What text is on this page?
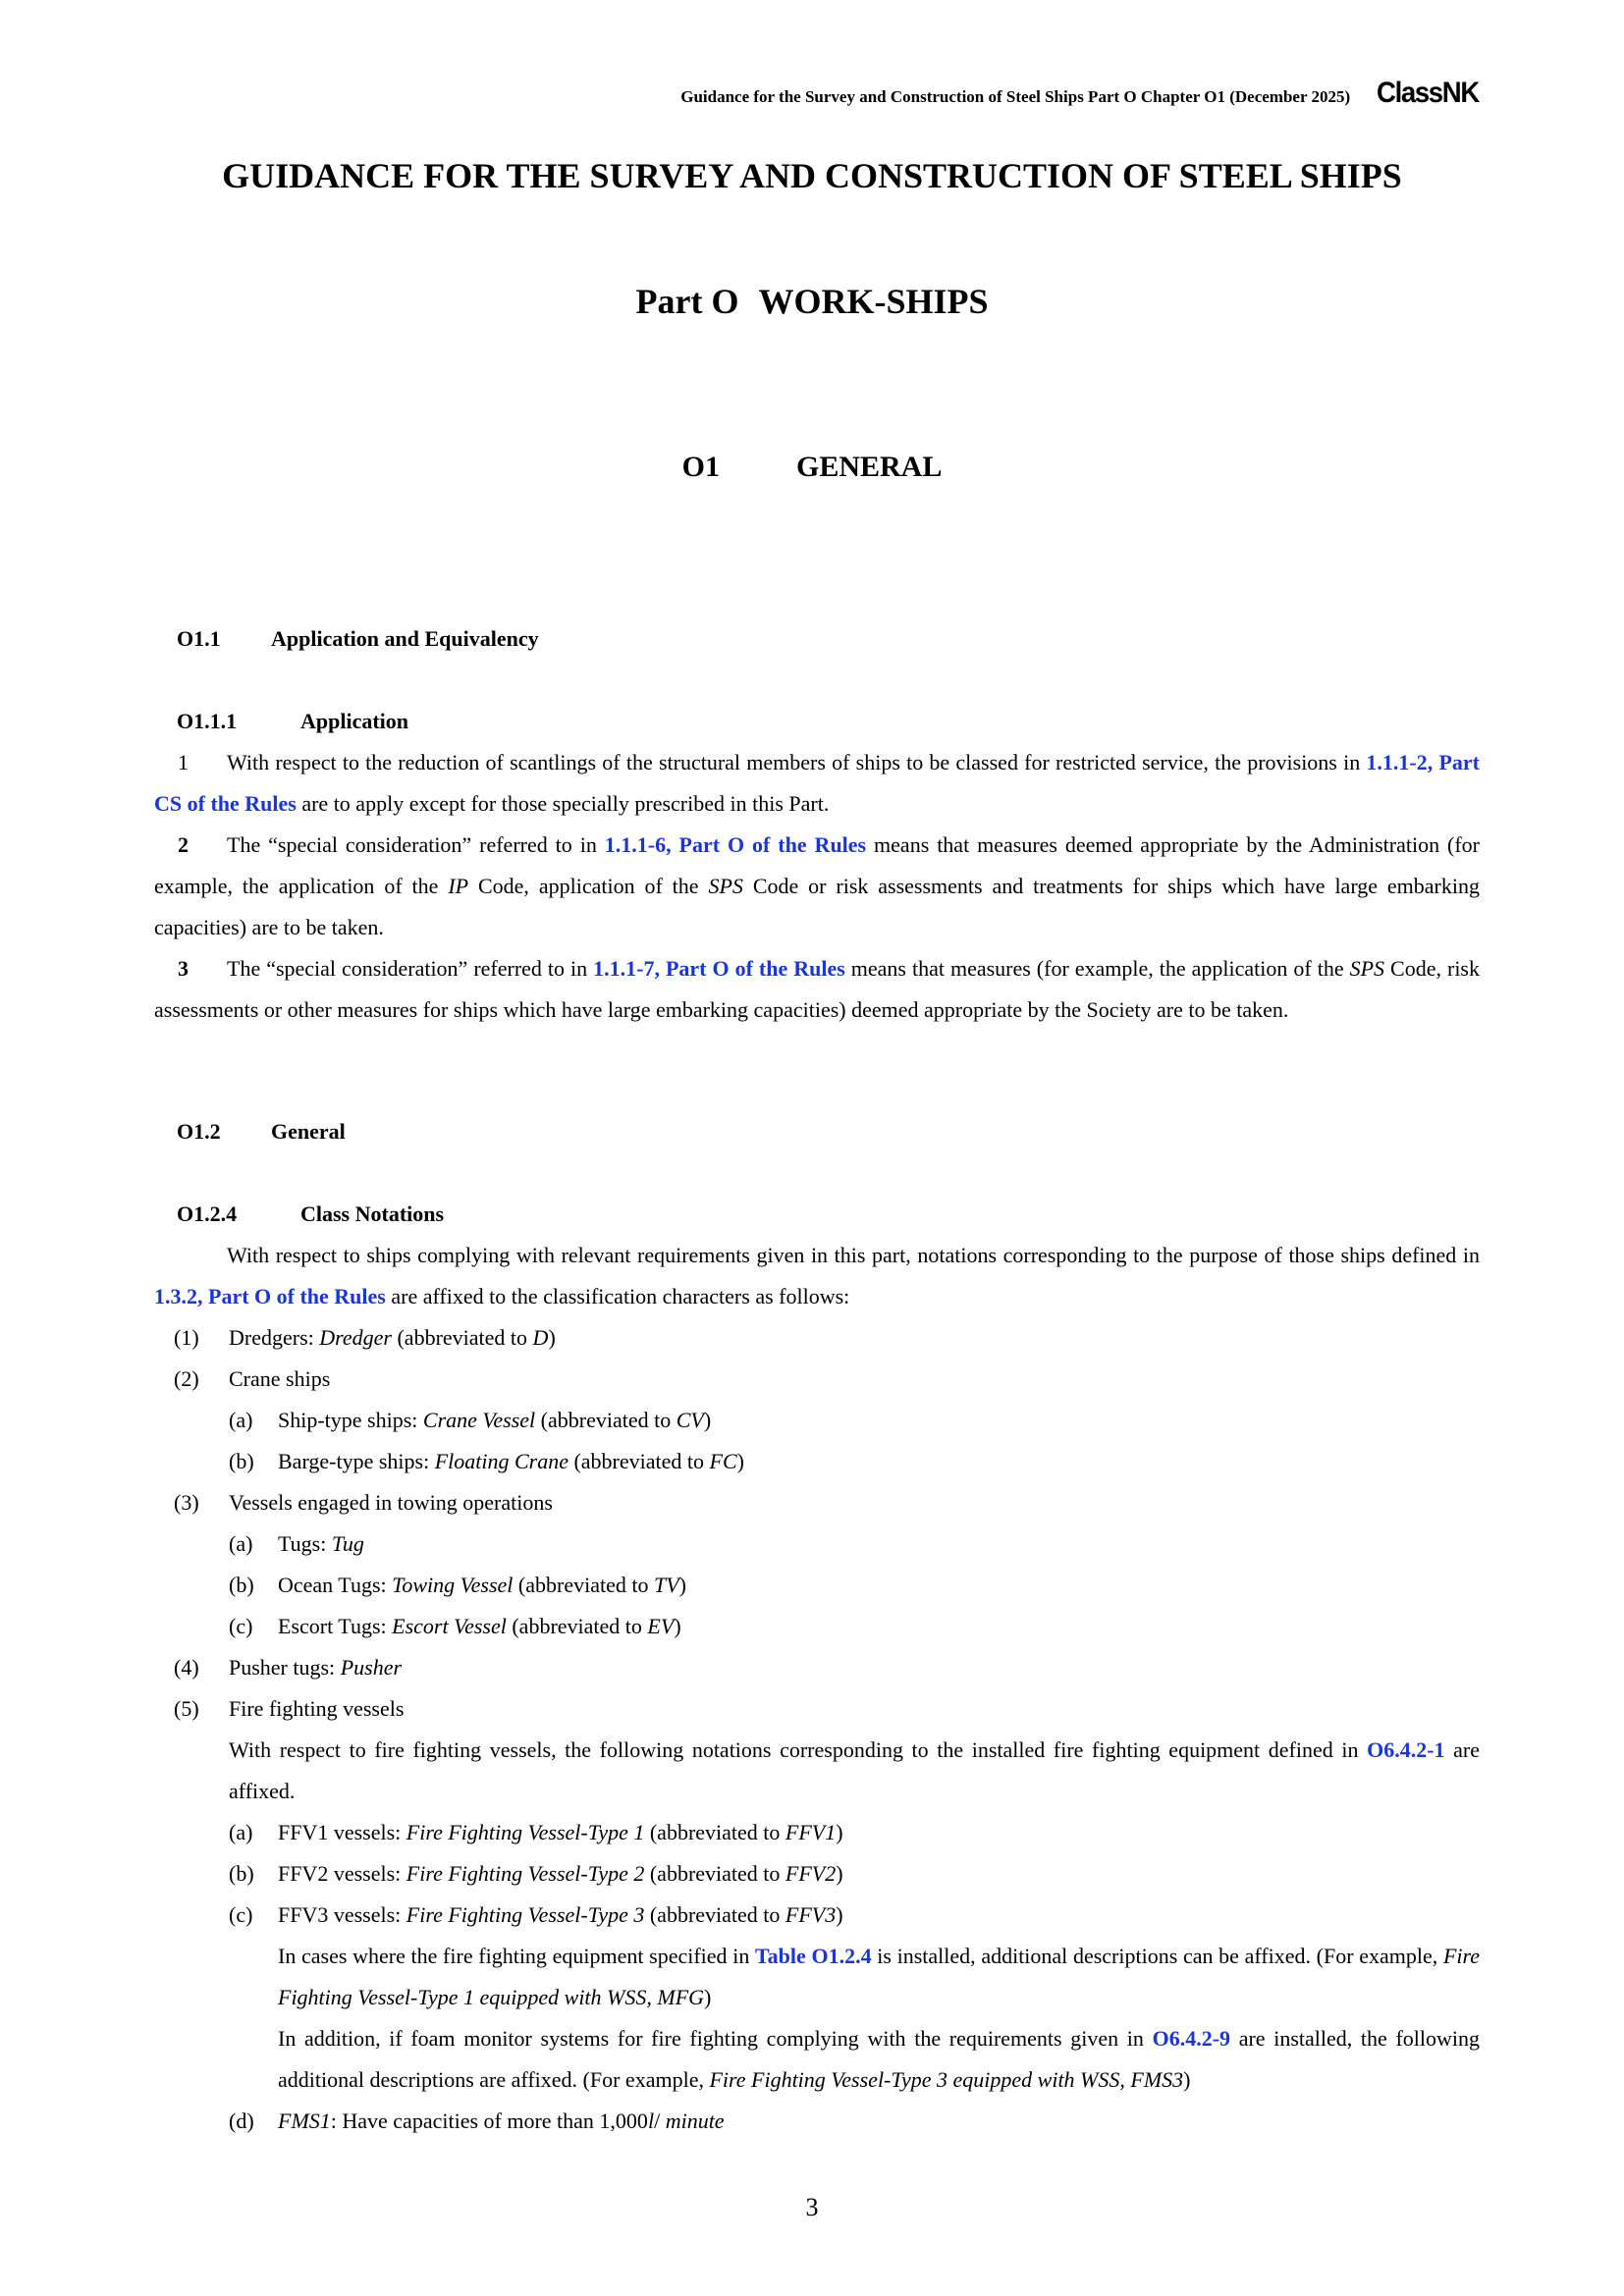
Guidance for the Survey and Construction of Steel Ships Part O Chapter O1 (December 2025) ClassNK
GUIDANCE FOR THE SURVEY AND CONSTRUCTION OF STEEL SHIPS
Part O WORK-SHIPS
O1	GENERAL
O1.1 Application and Equivalency
O1.1.1	Application

1 With respect to the reduction of scantlings of the structural members of ships to be classed for restricted service, the provisions in 1.1.1-2, Part CS of the Rules are to apply except for those specially prescribed in this Part.

2 The “special consideration” referred to in 1.1.1-6, Part O of the Rules means that measures deemed appropriate by the Administration (for example, the application of the IP Code, application of the SPS Code or risk assessments and treatments for ships which have large embarking capacities) are to be taken.

3 The “special consideration” referred to in 1.1.1-7, Part O of the Rules means that measures (for example, the application of the SPS Code, risk assessments or other measures for ships which have large embarking capacities) deemed appropriate by the Society are to be taken.

O1.2 General
O1.2.4	Class Notations

With respect to ships complying with relevant requirements given in this part, notations corresponding to the purpose of those ships defined in 1.3.2, Part O of the Rules are affixed to the classification characters as follows:

(1)	Dredgers: Dredger (abbreviated to D)
(2)	Crane ships
(a)	Ship-type ships: Crane Vessel (abbreviated to CV)
(b)	Barge-type ships: Floating Crane (abbreviated to FC)
(3)	Vessels engaged in towing operations
(a)	Tugs: Tug
(b)	Ocean Tugs: Towing Vessel (abbreviated to TV)
(c)	Escort Tugs: Escort Vessel (abbreviated to EV)
(4)	Pusher tugs: Pusher
(5)	Fire fighting vessels

With respect to fire fighting vessels, the following notations corresponding to the installed fire fighting equipment defined in O6.4.2-1 are affixed.

(a)	FFV1 vessels: Fire Fighting Vessel-Type 1 (abbreviated to FFV1)
(b)	FFV2 vessels: Fire Fighting Vessel-Type 2 (abbreviated to FFV2)
(c)	FFV3 vessels: Fire Fighting Vessel-Type 3 (abbreviated to FFV3)

In cases where the fire fighting equipment specified in Table O1.2.4 is installed, additional descriptions can be affixed. (For example, Fire Fighting Vessel-Type 1 equipped with WSS, MFG)

In addition, if foam monitor systems for fire fighting complying with the requirements given in O6.4.2-9 are installed, the following additional descriptions are affixed. (For example, Fire Fighting Vessel-Type 3 equipped with WSS, FMS3)

(d)	FMS1: Have capacities of more than 1,000l/ minute
3
